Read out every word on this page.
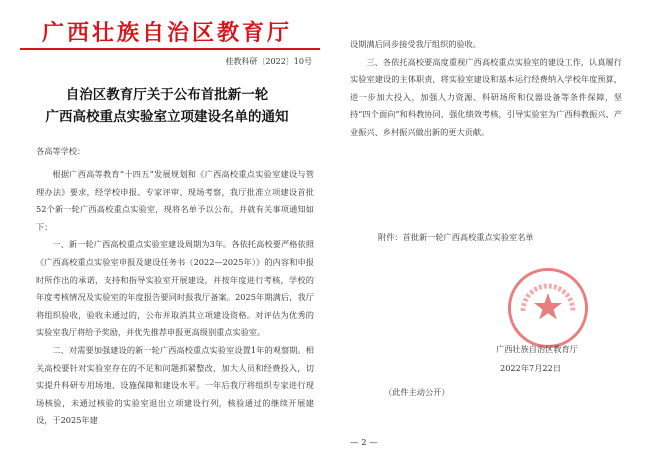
广西壮族自治区教育厅
桂教科研〔2022〕10号
自治区教育厅关于公布首批新一轮
广西高校重点实验室立项建设名单的通知
各高等学校：

根据广西高等教育“十四五”发展规划和《广西高校重点实验室建设与管理办法》要求，经学校申报、专家评审、现场考察，我厅批准立项建设首批52个新一轮广西高校重点实验室，现将名单予以公布，并就有关事项通知如下：

一、新一轮广西高校重点实验室建设周期为3年。各依托高校要严格依照《广西高校重点实验室申报及建设任务书（2022—2025年）》的内容和申报时所作出的承诺，支持和指导实验室开展建设，并按年度进行考核，学校的年度考核情况及实验室的年度报告要同时报我厅备案。2025年期满后，我厅将组织验收，验收未通过的，公布并取消其立项建设资格。对评估为优秀的实验室我厅将给予奖励，并优先推荐申报更高级别重点实验室。

二、对需要加强建设的新一轮广西高校重点实验室设置1年的观察期。相关高校要针对实验室存在的不足和问题抓紧整改，加大人员和经费投入，切实提升科研专用场地、设施保障和建设水平。一年后我厅将组织专家进行现场核验，未通过核验的实验室退出立项建设行列，核验通过的继续开展建设，于2025年建

设期满后同步接受我厅组织的验收。

三、各依托高校要高度重视广西高校重点实验室的建设工作，认真履行实验室建设的主体职责，将实验室建设和基本运行经费纳入学校年度预算，进一步加大投入，加强人力资源、科研场所和仪器设备等条件保障，坚持“四个面向”和科教协同，强化绩效考核，引导实验室为广西科教振兴、产业振兴、乡村振兴做出新的更大贡献。

附件：首批新一轮广西高校重点实验室名单
广西壮族自治区教育厅
2022年7月22日
（此件主动公开）
— 2 —
